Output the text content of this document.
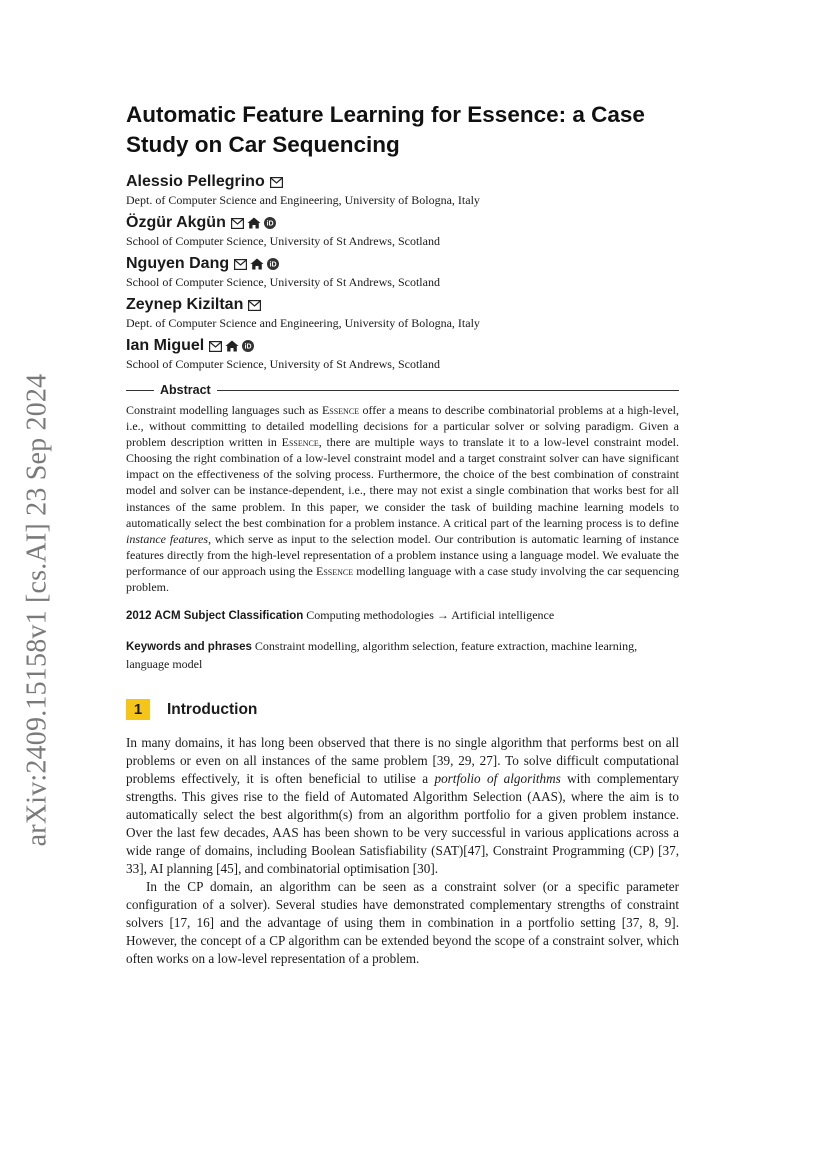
arXiv:2409.15158v1 [cs.AI] 23 Sep 2024
Automatic Feature Learning for Essence: a Case Study on Car Sequencing
Alessio Pellegrino
Dept. of Computer Science and Engineering, University of Bologna, Italy
Özgür Akgün	iD
School of Computer Science, University of St Andrews, Scotland
Nguyen Dang	iD
School of Computer Science, University of St Andrews, Scotland
Zeynep Kiziltan
Dept. of Computer Science and Engineering, University of Bologna, Italy
Ian Miguel	iD
School of Computer Science, University of St Andrews, Scotland
Abstract
Constraint modelling languages such as Essence offer a means to describe combinatorial problems at a high-level, i.e., without committing to detailed modelling decisions for a particular solver or solving paradigm. Given a problem description written in Essence, there are multiple ways to translate it to a low-level constraint model. Choosing the right combination of a low-level constraint model and a target constraint solver can have significant impact on the effectiveness of the solving process. Furthermore, the choice of the best combination of constraint model and solver can be instance-dependent, i.e., there may not exist a single combination that works best for all instances of the same problem. In this paper, we consider the task of building machine learning models to automatically select the best combination for a problem instance. A critical part of the learning process is to define instance features, which serve as input to the selection model. Our contribution is automatic learning of instance features directly from the high-level representation of a problem instance using a language model. We evaluate the performance of our approach using the Essence modelling language with a case study involving the car sequencing problem.
2012 ACM Subject Classification Computing methodologies → Artificial intelligence
Keywords and phrases Constraint modelling, algorithm selection, feature extraction, machine learning, language model
1	Introduction

In many domains, it has long been observed that there is no single algorithm that performs best on all problems or even on all instances of the same problem [39, 29, 27]. To solve difficult computational problems effectively, it is often beneficial to utilise a portfolio of algorithms with complementary strengths. This gives rise to the field of Automated Algorithm Selection (AAS), where the aim is to automatically select the best algorithm(s) from an algorithm portfolio for a given problem instance. Over the last few decades, AAS has been shown to be very successful in various applications across a wide range of domains, including Boolean Satisfiability (SAT)[47], Constraint Programming (CP) [37, 33], AI planning [45], and combinatorial optimisation [30].

In the CP domain, an algorithm can be seen as a constraint solver (or a specific parameter configuration of a solver). Several studies have demonstrated complementary strengths of constraint solvers [17, 16] and the advantage of using them in combination in a portfolio setting [37, 8, 9]. However, the concept of a CP algorithm can be extended beyond the scope of a constraint solver, which often works on a low-level representation of a problem.
